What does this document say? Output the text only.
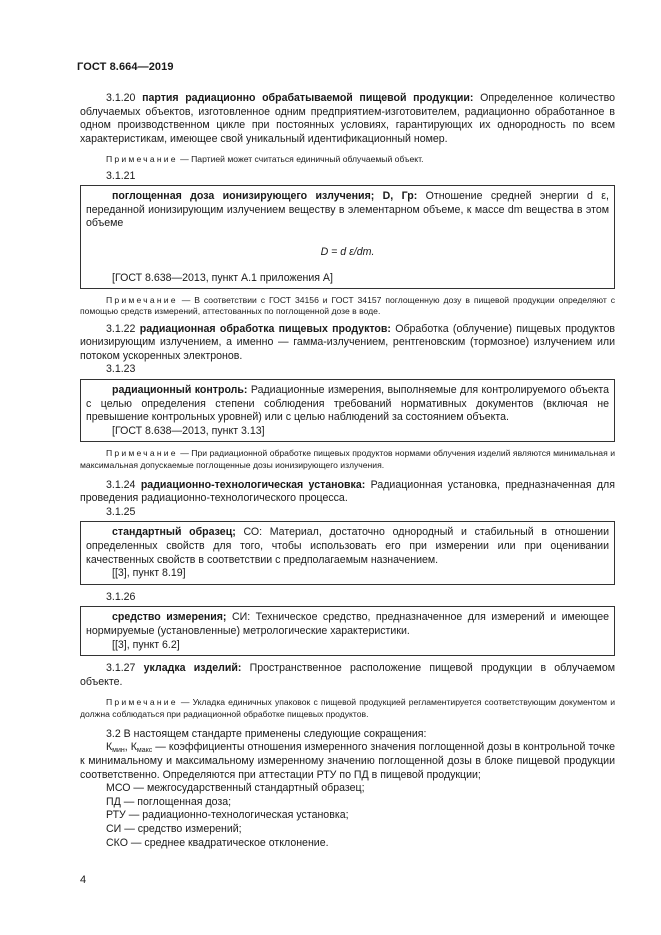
ГОСТ 8.664—2019

3.1.20 партия радиационно обрабатываемой пищевой продукции: Определенное количество облучаемых объектов, изготовленное одним предприятием-изготовителем, радиационно обработанное в одном производственном цикле при постоянных условиях, гарантирующих их однородность по всем характеристикам, имеющее свой уникальный идентификационный номер.

Примечание — Партией может считаться единичный облучаемый объект.

3.1.21

поглощенная доза ионизирующего излучения; D, Гр: Отношение средней энергии d ε, переданной ионизирующим излучением веществу в элементарном объеме, к массе dm вещества в этом объеме

D = d ε/dm.
[ГОСТ 8.638—2013, пункт А.1 приложения А]

Примечание — В соответствии с ГОСТ 34156 и ГОСТ 34157 поглощенную дозу в пищевой продукции определяют с помощью средств измерений, аттестованных по поглощенной дозе в воде.

3.1.22 радиационная обработка пищевых продуктов: Обработка (облучение) пищевых продуктов ионизирующим излучением, а именно — гамма-излучением, рентгеновским (тормозное) излучением или потоком ускоренных электронов.

3.1.23

радиационный контроль: Радиационные измерения, выполняемые для контролируемого объекта с целью определения степени соблюдения требований нормативных документов (включая не превышение контрольных уровней) или с целью наблюдений за состоянием объекта.

[ГОСТ 8.638—2013, пункт 3.13]

Примечание — При радиационной обработке пищевых продуктов нормами облучения изделий являются минимальная и максимальная допускаемые поглощенные дозы ионизирующего излучения.

3.1.24 радиационно-технологическая установка: Радиационная установка, предназначенная для проведения радиационно-технологического процесса.

3.1.25

стандартный образец; СО: Материал, достаточно однородный и стабильный в отношении определенных свойств для того, чтобы использовать его при измерении или при оценивании качественных свойств в соответствии с предполагаемым назначением.

[[3], пункт 8.19]

3.1.26

средство измерения; СИ: Техническое средство, предназначенное для измерений и имеющее нормируемые (установленные) метрологические характеристики.

[[3], пункт 6.2]

3.1.27 укладка изделий: Пространственное расположение пищевой продукции в облучаемом объекте.

Примечание — Укладка единичных упаковок с пищевой продукцией регламентируется соответствующим документом и должна соблюдаться при радиационной обработке пищевых продуктов.

3.2 В настоящем стандарте применены следующие сокращения:

$К_{мин}$, $К_{макс}$ — коэффициенты отношения измеренного значения поглощенной дозы в контрольной точке к минимальному и максимальному измеренному значению поглощенной дозы в блоке пищевой продукции соответственно. Определяются при аттестации РТУ по ПД в пищевой продукции;

МСО — межгосударственный стандартный образец;
ПД — поглощенная доза;
РТУ — радиационно-технологическая установка;
СИ — средство измерений;
СКО — среднее квадратическое отклонение.
4
